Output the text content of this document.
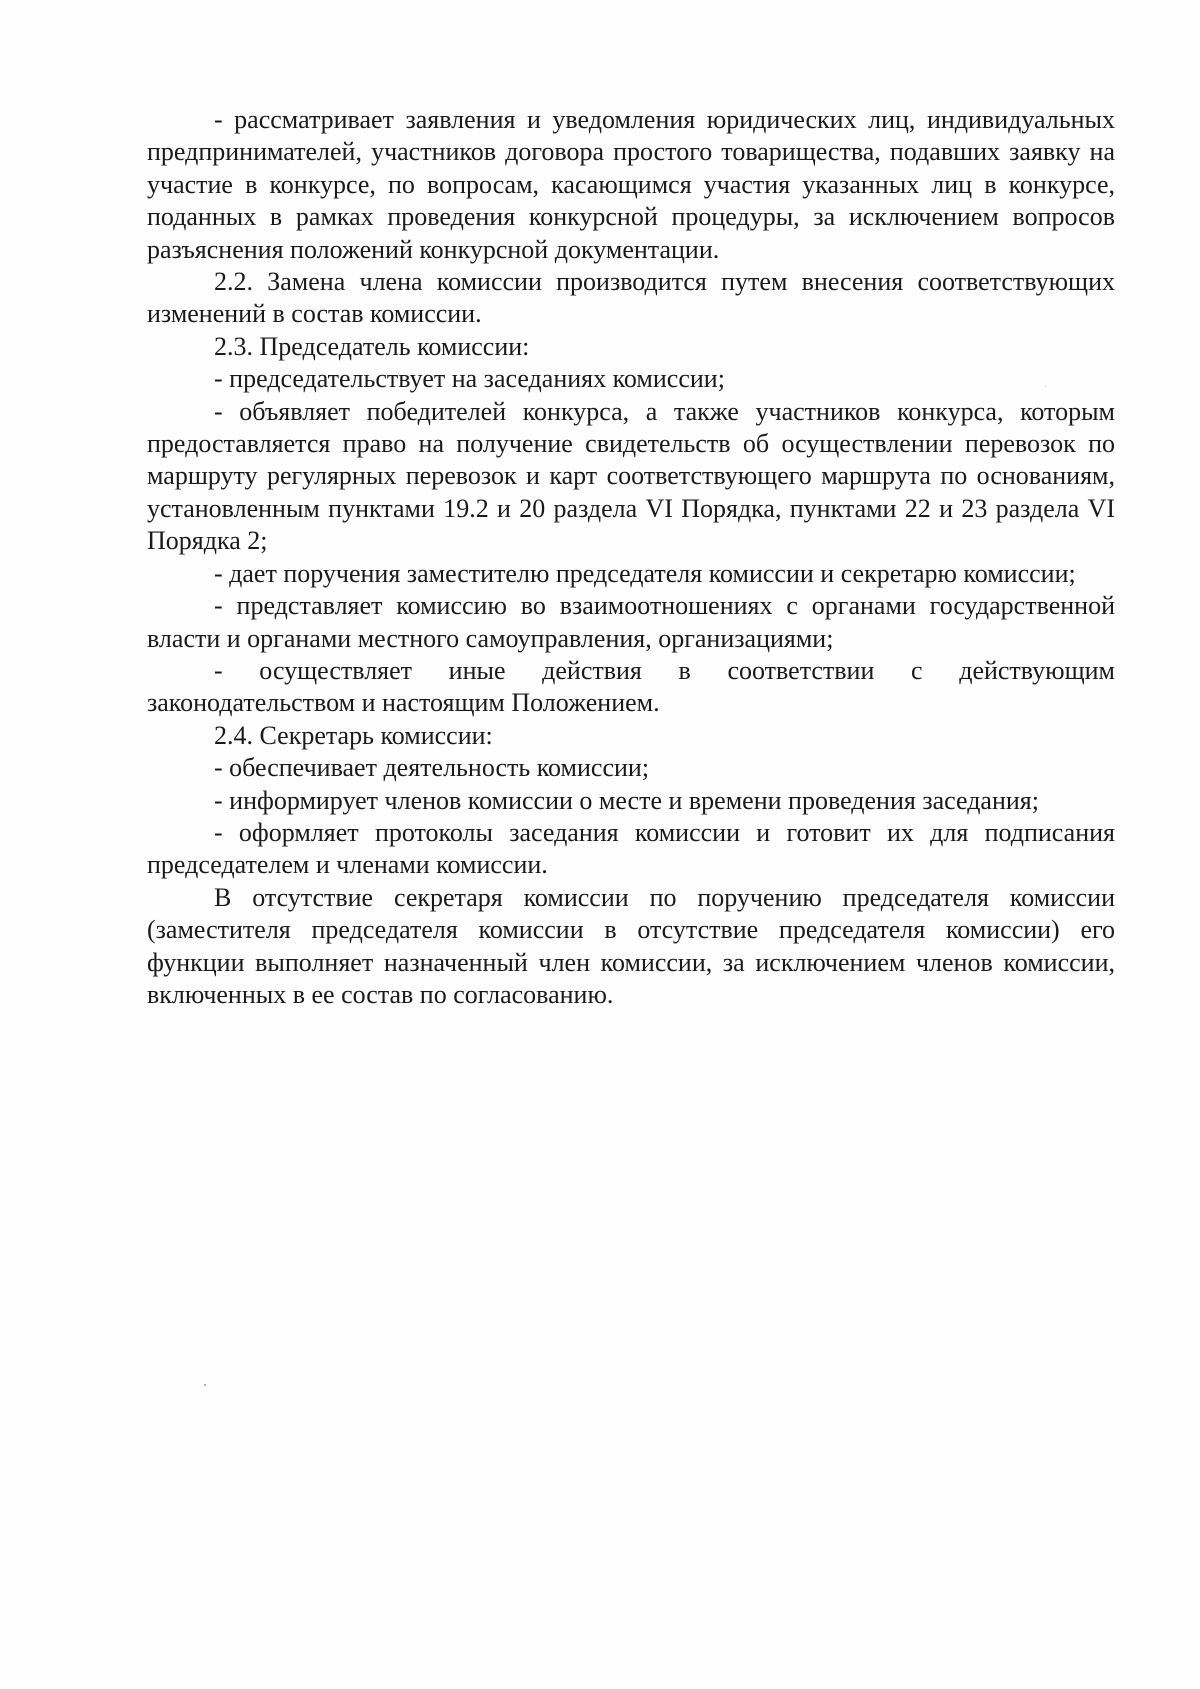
- рассматривает заявления и уведомления юридических лиц, индивидуальных предпринимателей, участников договора простого товарищества, подавших заявку на участие в конкурсе, по вопросам, касающимся участия указанных лиц в конкурсе, поданных в рамках проведения конкурсной процедуры, за исключением вопросов разъяснения положений конкурсной документации.

2.2. Замена члена комиссии производится путем внесения соответствующих изменений в состав комиссии.

2.3. Председатель комиссии:

- председательствует на заседаниях комиссии;

- объявляет победителей конкурса, а также участников конкурса, которым предоставляется право на получение свидетельств об осуществлении перевозок по маршруту регулярных перевозок и карт соответствующего маршрута по основаниям, установленным пунктами 19.2 и 20 раздела VI Порядка, пунктами 22 и 23 раздела VI Порядка 2;

- дает поручения заместителю председателя комиссии и секретарю комиссии;

- представляет комиссию во взаимоотношениях с органами государственной власти и органами местного самоуправления, организациями;

- осуществляет иные действия в соответствии с действующим законодательством и настоящим Положением.

2.4. Секретарь комиссии:

- обеспечивает деятельность комиссии;

- информирует членов комиссии о месте и времени проведения заседания;

- оформляет протоколы заседания комиссии и готовит их для подписания председателем и членами комиссии.

В отсутствие секретаря комиссии по поручению председателя комиссии (заместителя председателя комиссии в отсутствие председателя комиссии) его функции выполняет назначенный член комиссии, за исключением членов комиссии, включенных в ее состав по согласованию.
